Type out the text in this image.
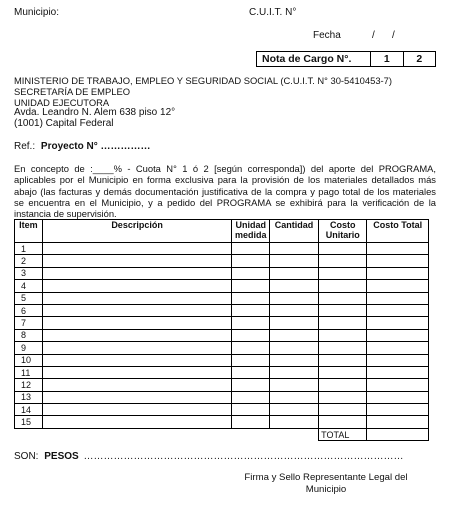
Municipio:	C.U.I.T. N°
Fecha	/ /
Nota de Cargo N°.	1	2
MINISTERIO DE TRABAJO, EMPLEO Y SEGURIDAD SOCIAL (C.U.I.T. N° 30-5410453-7)
SECRETARÍA DE EMPLEO
UNIDAD EJECUTORA
Avda. Leandro N. Alem 638 piso 12°
(1001) Capital Federal
Ref.: Proyecto N° ……………
En concepto de :____% - Cuota N° 1 ó 2 [según corresponda]) del aporte del PROGRAMA, aplicables por el Municipio en forma exclusiva para la provisión de los materiales detallados más abajo (las facturas y demás documentación justificativa de la compra y pago total de los materiales se encuentra en el Municipio, y a pedido del PROGRAMA se exhibirá para la verificación de la instancia de supervisión.
Item	Descripción	Unidad medida	Cantidad	Costo Unitario	Costo Total
1					
2					
3					
4					
5					
6					
7					
8					
9					
10					
11					
12					
13					
14					
15					
				TOTAL	
SON: PESOS ……………………………………………………………………………………
Firma y Sello Representante Legal del
Municipio
